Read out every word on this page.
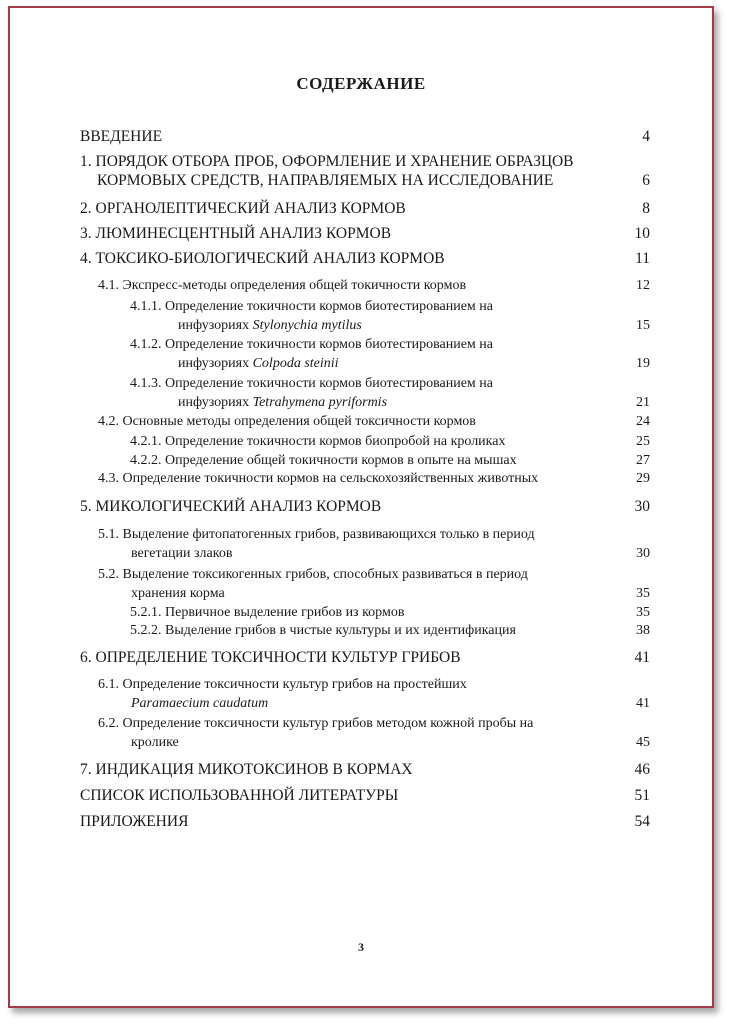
СОДЕРЖАНИЕ
ВВЕДЕНИЕ	4
1. ПОРЯДОК ОТБОРА ПРОБ, ОФОРМЛЕНИЕ И ХРАНЕНИЕ ОБРАЗЦОВ
КОРМОВЫХ СРЕДСТВ, НАПРАВЛЯЕМЫХ НА ИССЛЕДОВАНИЕ	6
2. ОРГАНОЛЕПТИЧЕСКИЙ АНАЛИЗ КОРМОВ	8
3. ЛЮМИНЕСЦЕНТНЫЙ АНАЛИЗ КОРМОВ	10
4. ТОКСИКО-БИОЛОГИЧЕСКИЙ АНАЛИЗ КОРМОВ	11
4.1. Экспресс-методы определения общей токичности кормов	12
4.1.1. Определение токичности кормов биотестированием на
инфузориях Stylonychia mytilus	15
4.1.2. Определение токичности кормов биотестированием на
инфузориях Colpoda steinii	19
4.1.3. Определение токичности кормов биотестированием на
инфузориях Tetrahymena pyriformis	21
4.2. Основные методы определения общей токсичности кормов	24
4.2.1. Определение токичности кормов биопробой на кроликах	25
4.2.2. Определение общей токичности кормов в опыте на мышах	27
4.3. Определение токичности кормов на сельскохозяйственных животных	29
5. МИКОЛОГИЧЕСКИЙ АНАЛИЗ КОРМОВ	30
5.1. Выделение фитопатогенных грибов, развивающихся только в период
вегетации злаков	30
5.2. Выделение токсикогенных грибов, способных развиваться в период
хранения корма	35
5.2.1. Первичное выделение грибов из кормов	35
5.2.2. Выделение грибов в чистые культуры и их идентификация	38
6. ОПРЕДЕЛЕНИЕ ТОКСИЧНОСТИ КУЛЬТУР ГРИБОВ	41
6.1. Определение токсичности культур грибов на простейших
Paramaecium caudatum	41
6.2. Определение токсичности культур грибов методом кожной пробы на
кролике	45
7. ИНДИКАЦИЯ МИКОТОКСИНОВ В КОРМАХ	46
СПИСОК ИСПОЛЬЗОВАННОЙ ЛИТЕРАТУРЫ	51
ПРИЛОЖЕНИЯ	54
3
